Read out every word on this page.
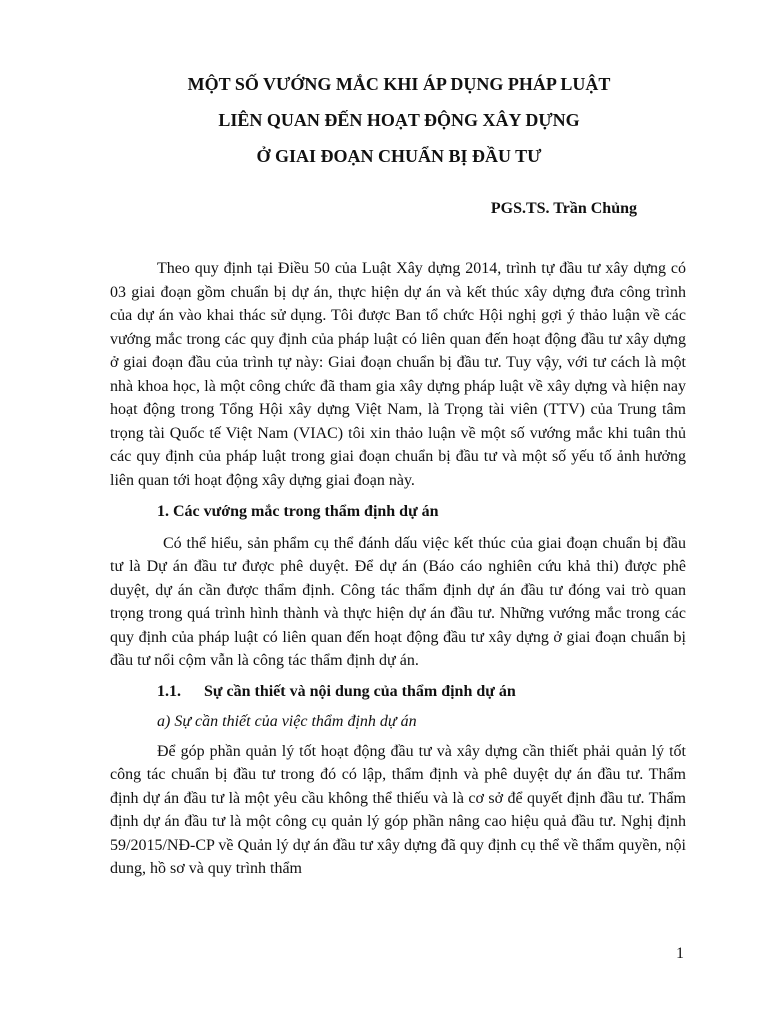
MỘT SỐ VƯỚNG MẮC KHI ÁP DỤNG PHÁP LUẬT
LIÊN QUAN ĐẾN HOẠT ĐỘNG XÂY DỰNG
Ở GIAI ĐOẠN CHUẨN BỊ ĐẦU TƯ
PGS.TS. Trần Chủng

Theo quy định tại Điều 50 của Luật Xây dựng 2014, trình tự đầu tư xây dựng có 03 giai đoạn gồm chuẩn bị dự án, thực hiện dự án và kết thúc xây dựng đưa công trình của dự án vào khai thác sử dụng. Tôi được Ban tổ chức Hội nghị gợi ý thảo luận về các vướng mắc trong các quy định của pháp luật có liên quan đến hoạt động đầu tư xây dựng ở giai đoạn đầu của trình tự này: Giai đoạn chuẩn bị đầu tư. Tuy vậy, với tư cách là một nhà khoa học, là một công chức đã tham gia xây dựng pháp luật về xây dựng và hiện nay hoạt động trong Tổng Hội xây dựng Việt Nam, là Trọng tài viên (TTV) của Trung tâm trọng tài Quốc tế Việt Nam (VIAC) tôi xin thảo luận về một số vướng mắc khi tuân thủ các quy định của pháp luật trong giai đoạn chuẩn bị đầu tư và một số yếu tố ảnh hưởng liên quan tới hoạt động xây dựng giai đoạn này.

1. Các vướng mắc trong thẩm định dự án

Có thể hiểu, sản phẩm cụ thể đánh dấu việc kết thúc của giai đoạn chuẩn bị đầu tư là Dự án đầu tư được phê duyệt. Để dự án (Báo cáo nghiên cứu khả thi) được phê duyệt, dự án cần được thẩm định. Công tác thẩm định dự án đầu tư đóng vai trò quan trọng trong quá trình hình thành và thực hiện dự án đầu tư. Những vướng mắc trong các quy định của pháp luật có liên quan đến hoạt động đầu tư xây dựng ở giai đoạn chuẩn bị đầu tư nổi cộm vẫn là công tác thẩm định dự án.

1.1.	Sự cần thiết và nội dung của thẩm định dự án

a) Sự cần thiết của việc thẩm định dự án

Để góp phần quản lý tốt hoạt động đầu tư và xây dựng cần thiết phải quản lý tốt công tác chuẩn bị đầu tư trong đó có lập, thẩm định và phê duyệt dự án đầu tư. Thẩm định dự án đầu tư là một yêu cầu không thể thiếu và là cơ sở để quyết định đầu tư. Thẩm định dự án đầu tư là một công cụ quản lý góp phần nâng cao hiệu quả đầu tư. Nghị định 59/2015/NĐ-CP về Quản lý dự án đầu tư xây dựng đã quy định cụ thể về thẩm quyền, nội dung, hồ sơ và quy trình thẩm

1
